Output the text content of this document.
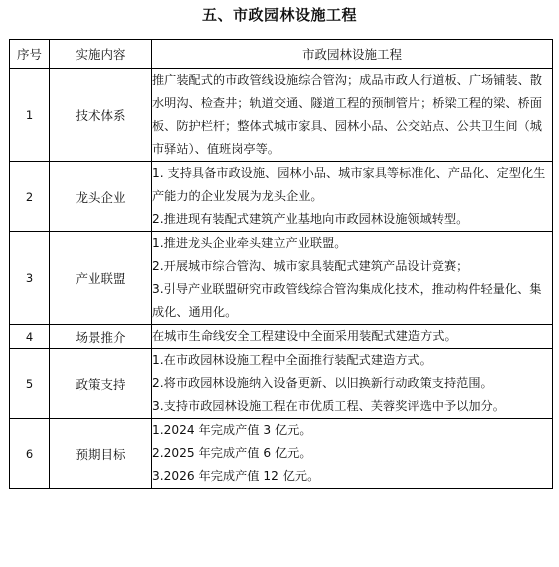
五、市政园林设施工程
序号	实施内容	市政园林设施工程
1	技术体系	推广装配式的市政管线设施综合管沟；成品市政人行道板、广场铺装、散水明沟、检查井；轨道交通、隧道工程的预制管片；桥梁工程的梁、桥面板、防护栏杆；整体式城市家具、园林小品、公交站点、公共卫生间（城市驿站）、值班岗亭等。

2	龙头企业	1. 支持具备市政设施、园林小品、城市家具等标准化、产品化、定型化生产能力的企业发展为龙头企业。
2.推进现有装配式建筑产业基地向市政园林设施领域转型。

3	产业联盟	1.推进龙头企业牵头建立产业联盟。
2.开展城市综合管沟、城市家具装配式建筑产品设计竞赛；
3.引导产业联盟研究市政管线综合管沟集成化技术，推动构件轻量化、集成化、通用化。

4	场景推介	在城市生命线安全工程建设中全面采用装配式建造方式。

5	政策支持	1.在市政园林设施工程中全面推行装配式建造方式。
2.将市政园林设施纳入设备更新、以旧换新行动政策支持范围。
3.支持市政园林设施工程在市优质工程、芙蓉奖评选中予以加分。

6	预期目标	1.2024 年完成产值 3 亿元。
2.2025 年完成产值 6 亿元。
3.2026 年完成产值 12 亿元。
